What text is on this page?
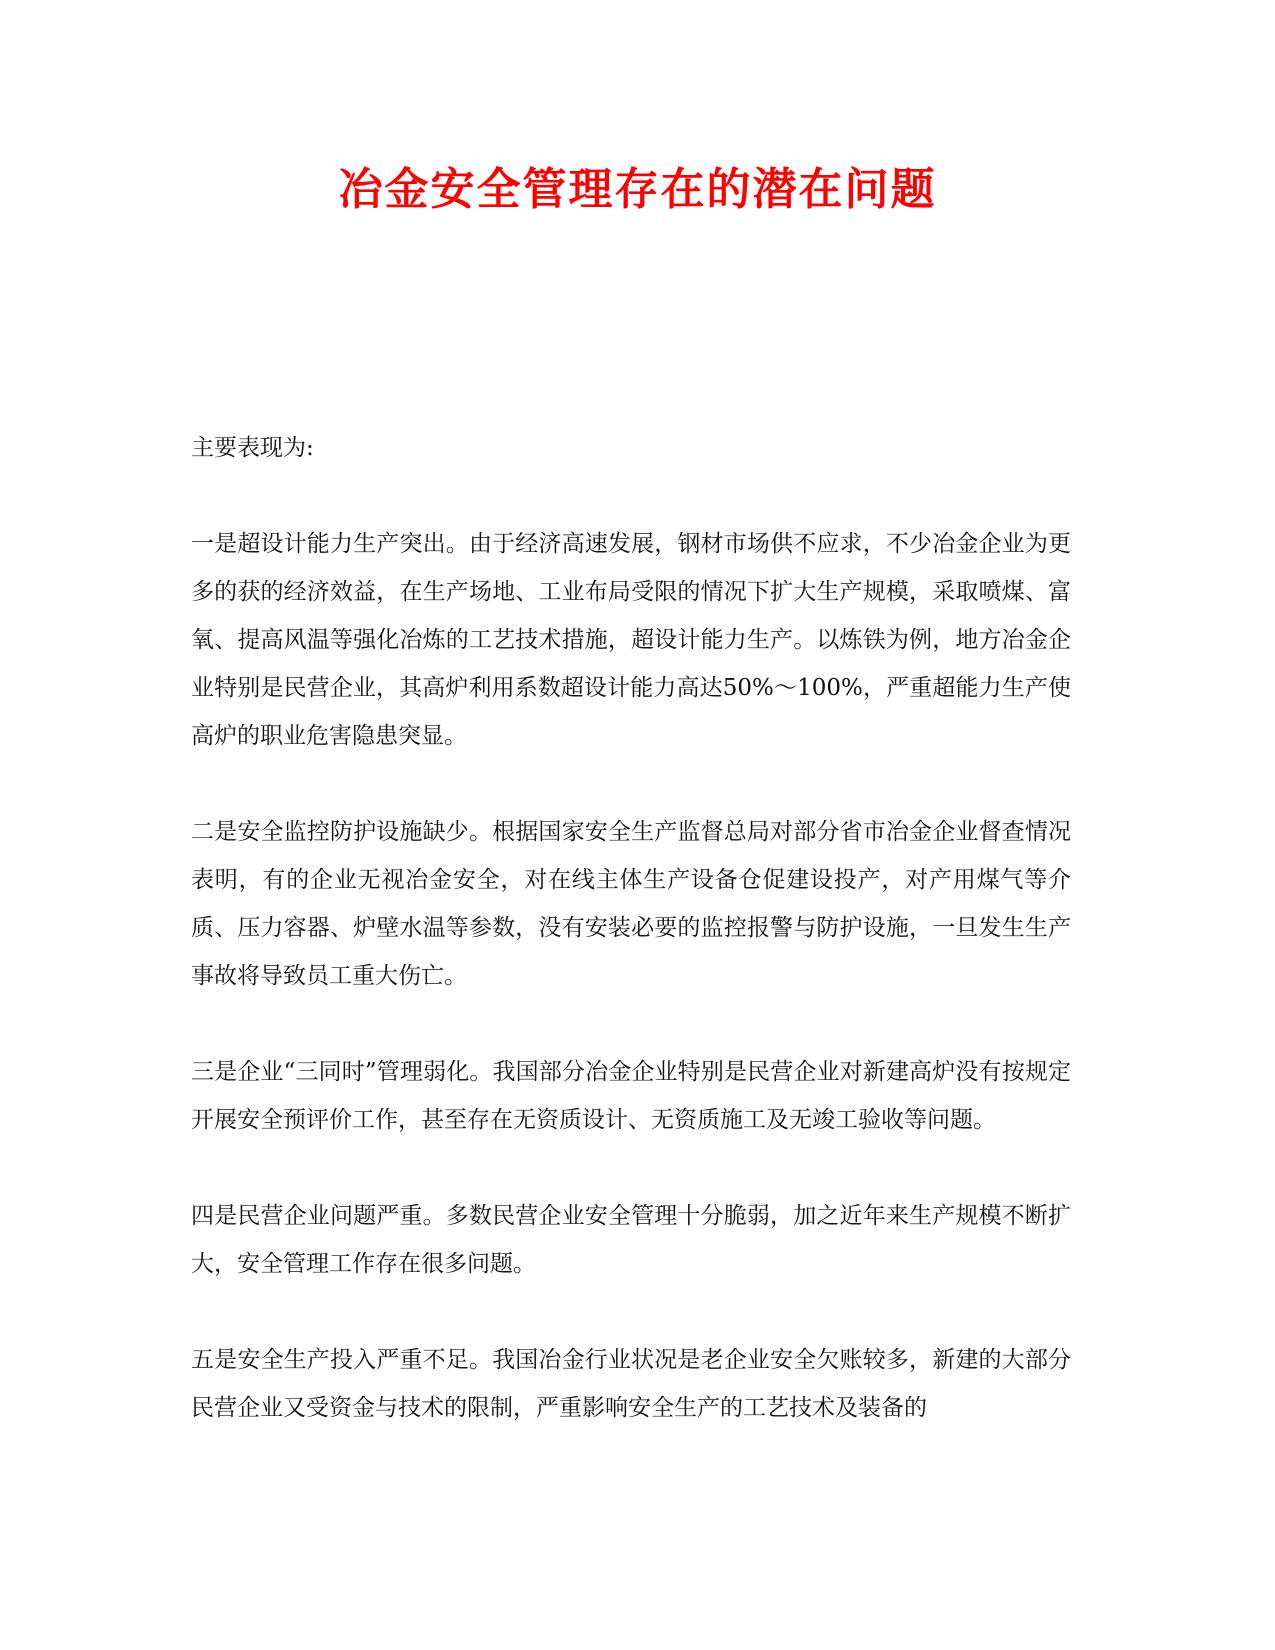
冶金安全管理存在的潜在问题

主要表现为:

一是超设计能力生产突出。由于经济高速发展，钢材市场供不应求，不少冶金企业为更多的获的经济效益，在生产场地、工业布局受限的情况下扩大生产规模，采取喷煤、富氧、提高风温等强化冶炼的工艺技术措施，超设计能力生产。以炼铁为例，地方冶金企业特别是民营企业，其高炉利用系数超设计能力高达50%～100%，严重超能力生产使高炉的职业危害隐患突显。

二是安全监控防护设施缺少。根据国家安全生产监督总局对部分省市冶金企业督查情况表明，有的企业无视冶金安全，对在线主体生产设备仓促建设投产，对产用煤气等介质、压力容器、炉壁水温等参数，没有安装必要的监控报警与防护设施，一旦发生生产事故将导致员工重大伤亡。

三是企业“三同时”管理弱化。我国部分冶金企业特别是民营企业对新建高炉没有按规定开展安全预评价工作，甚至存在无资质设计、无资质施工及无竣工验收等问题。

四是民营企业问题严重。多数民营企业安全管理十分脆弱，加之近年来生产规模不断扩大，安全管理工作存在很多问题。

五是安全生产投入严重不足。我国冶金行业状况是老企业安全欠账较多，新建的大部分民营企业又受资金与技术的限制，严重影响安全生产的工艺技术及装备的
